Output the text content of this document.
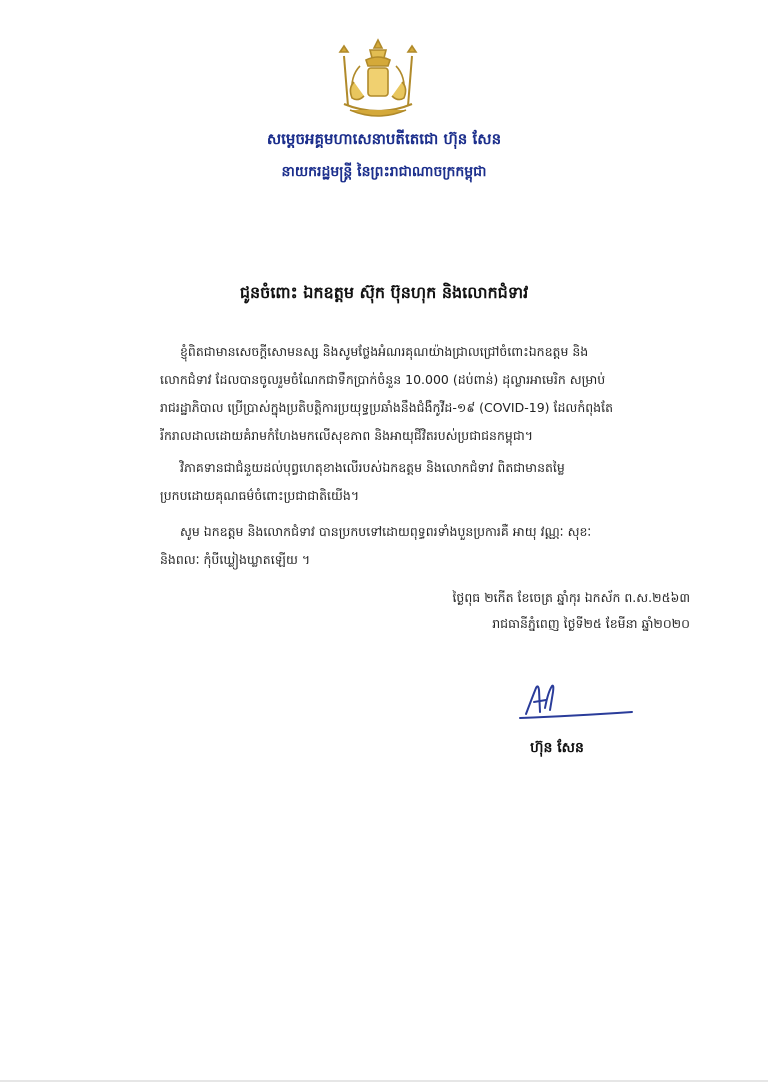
សម្តេចអគ្គមហាសេនាបតីតេជោ ហ៊ុន សែន
នាយករដ្ឋមន្ត្រី នៃព្រះរាជាណាចក្រកម្ពុជា
ជូនចំពោះ ឯកឧត្តម ស៊ុក ប៊ុនហុក និងលោកជំទាវ
ខ្ញុំពិតជាមានសេចក្តីសោមនស្ស និងសូមថ្លែងអំណរគុណយ៉ាងជ្រាលជ្រៅចំពោះឯកឧត្តម និង
លោកជំទាវ ដែលបានចូលរួមចំណែកជាទឹកប្រាក់ចំនួន 10.000 (ដប់ពាន់) ដុល្លារអាមេរិក សម្រាប់
រាជរដ្ឋាភិបាល ប្រើប្រាស់ក្នុងប្រតិបត្តិការប្រយុទ្ធប្រឆាំងនឹងជំងឺកូវីដ-១៩ (COVID-19) ដែលកំពុងតែ
រីករាលដាលដោយគំរាមកំហែងមកលើសុខភាព និងអាយុជីវិតរបស់ប្រជាជនកម្ពុជា។
វិភាគទានជាជំនួយដល់បុព្វហេតុខាងលើរបស់ឯកឧត្តម និងលោកជំទាវ ពិតជាមានតម្លៃ
ប្រកបដោយគុណធម៌ចំពោះប្រជាជាតិយើង។
សូម ឯកឧត្តម និងលោកជំទាវ បានប្រកបទៅដោយពុទ្ធពរទាំងបួនប្រការគឺ អាយុ វណ្ណៈ សុខៈ
និងពលៈ កុំបីឃ្លៀងឃ្លាតឡើយ ។
ថ្ងៃពុធ ២កើត ខែចេត្រ ឆ្នាំកុរ ឯកស័ក ព.ស.២៥៦៣
រាជធានីភ្នំពេញ ថ្ងៃទី២៥ ខែមីនា ឆ្នាំ២០២០
ហ៊ុន សែន
